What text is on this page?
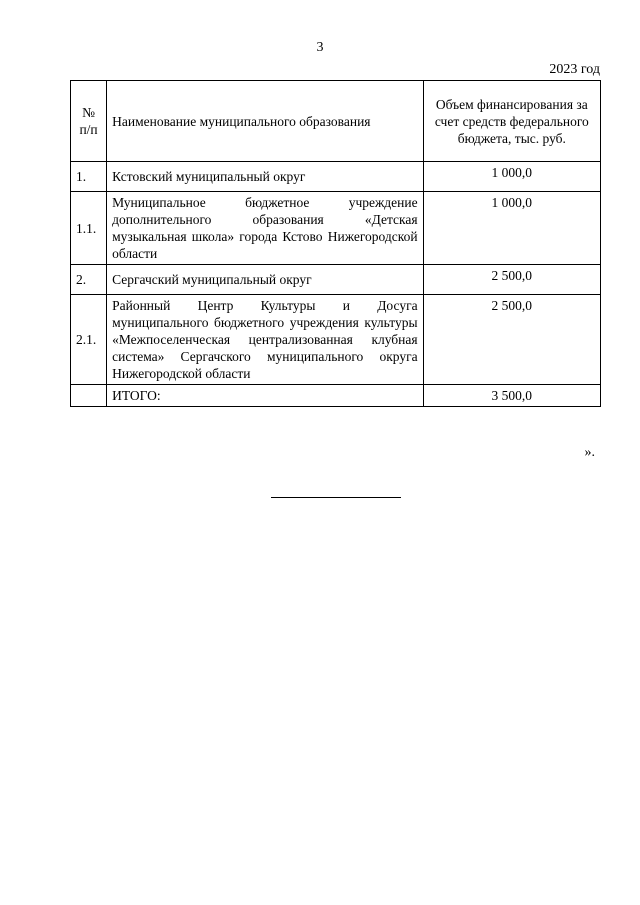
3
2023 год
№ п/п	Наименование муниципального образования	Объем финансирования за счет средств федерального бюджета, тыс. руб.
1.	Кстовский муниципальный округ	1 000,0
1.1.	Муниципальное бюджетное учреждение дополнительного образования «Детская музыкальная школа» города Кстово Нижегородской области	1 000,0
2.	Сергачский муниципальный округ	2 500,0
2.1.	Районный Центр Культуры и Досуга муниципального бюджетного учреждения культуры «Межпоселенческая централизованная клубная система» Сергачского муниципального округа Нижегородской области	2 500,0
	ИТОГО:	3 500,0
».
